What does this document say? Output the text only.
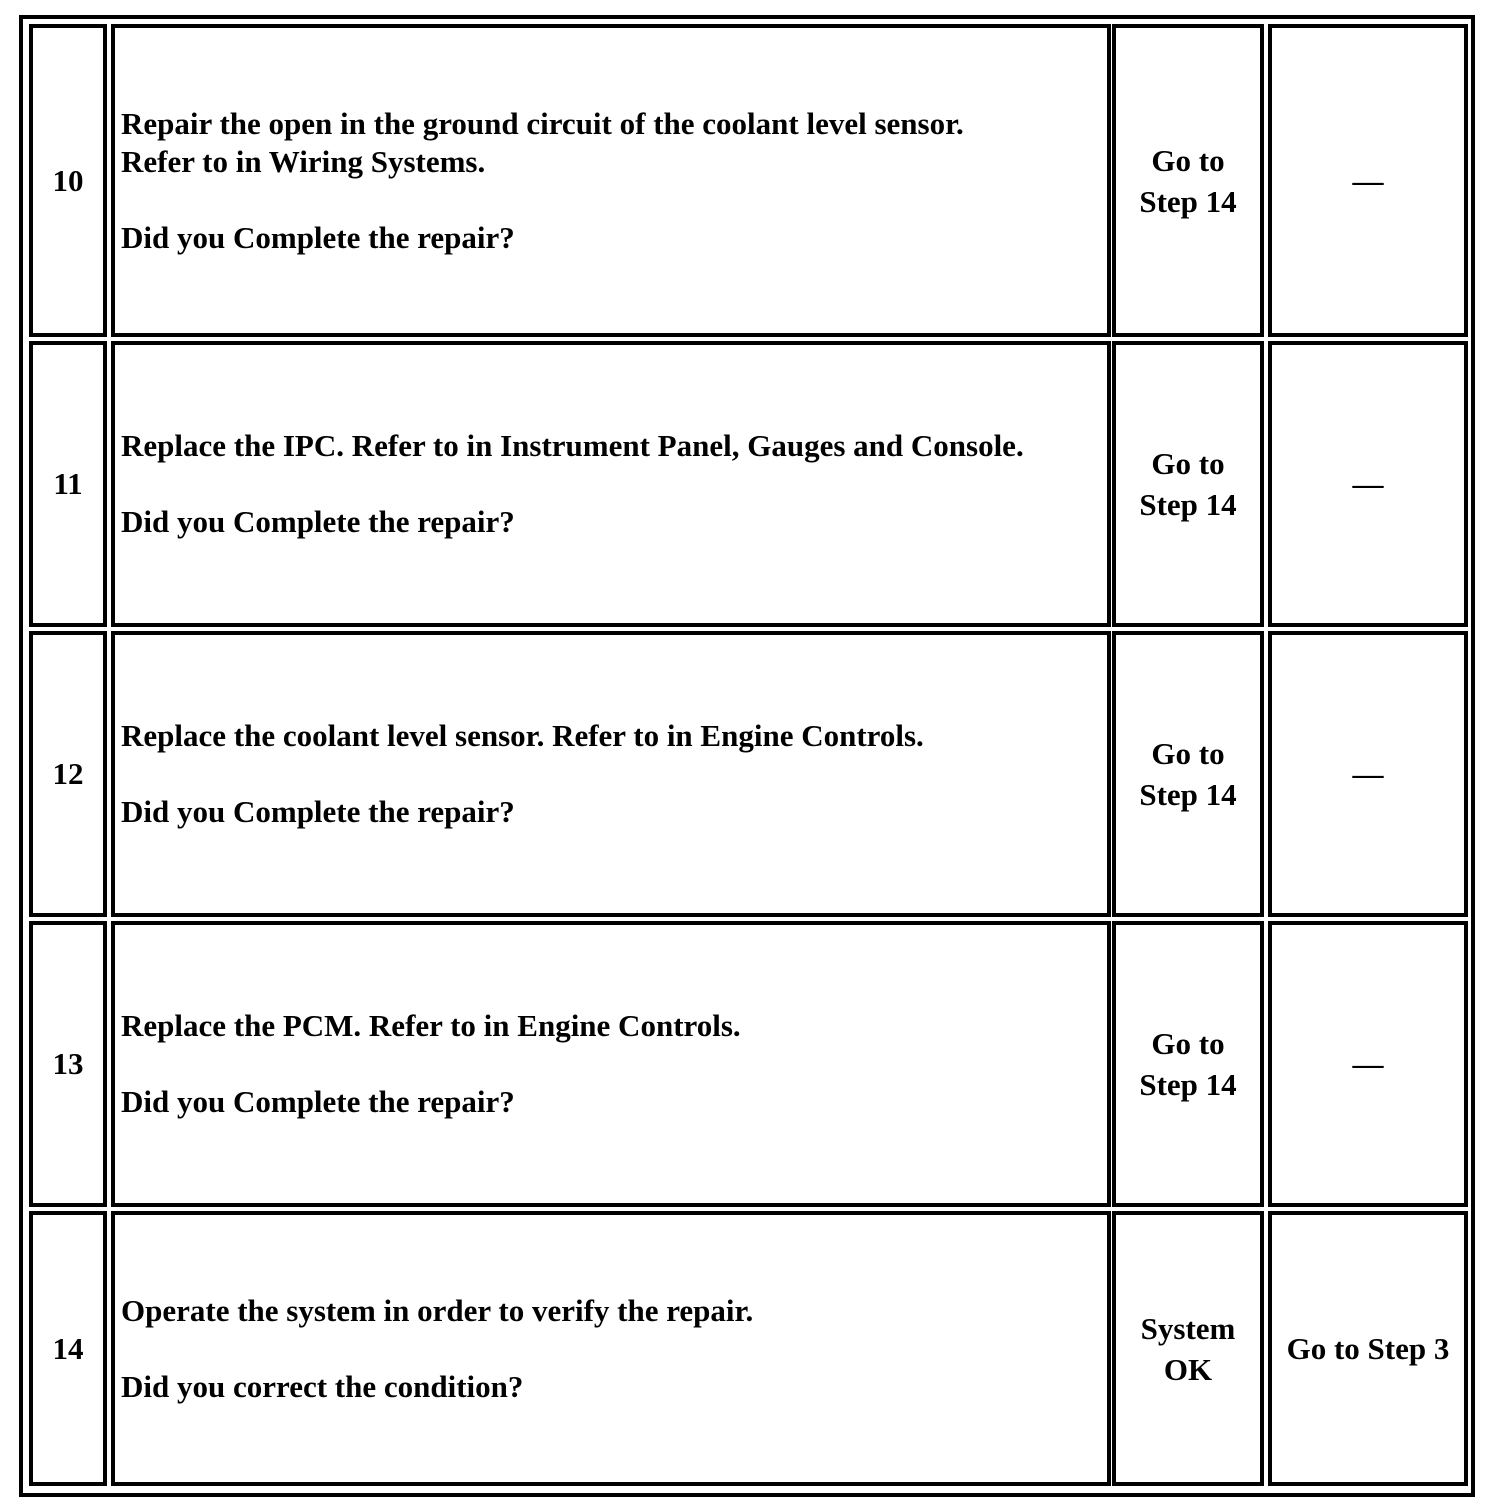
10

Repair the open in the ground circuit of the coolant level sensor.

Refer to in Wiring Systems.

Did you Complete the repair?

Go to Step 14
—
11

Replace the IPC. Refer to in Instrument Panel, Gauges and Console.

Did you Complete the repair?

Go to Step 14
—
12

Replace the coolant level sensor. Refer to in Engine Controls.

Did you Complete the repair?

Go to Step 14
—
13

Replace the PCM. Refer to in Engine Controls.

Did you Complete the repair?

Go to Step 14
—
14

Operate the system in order to verify the repair.

Did you correct the condition?

System OK
Go to Step 3
